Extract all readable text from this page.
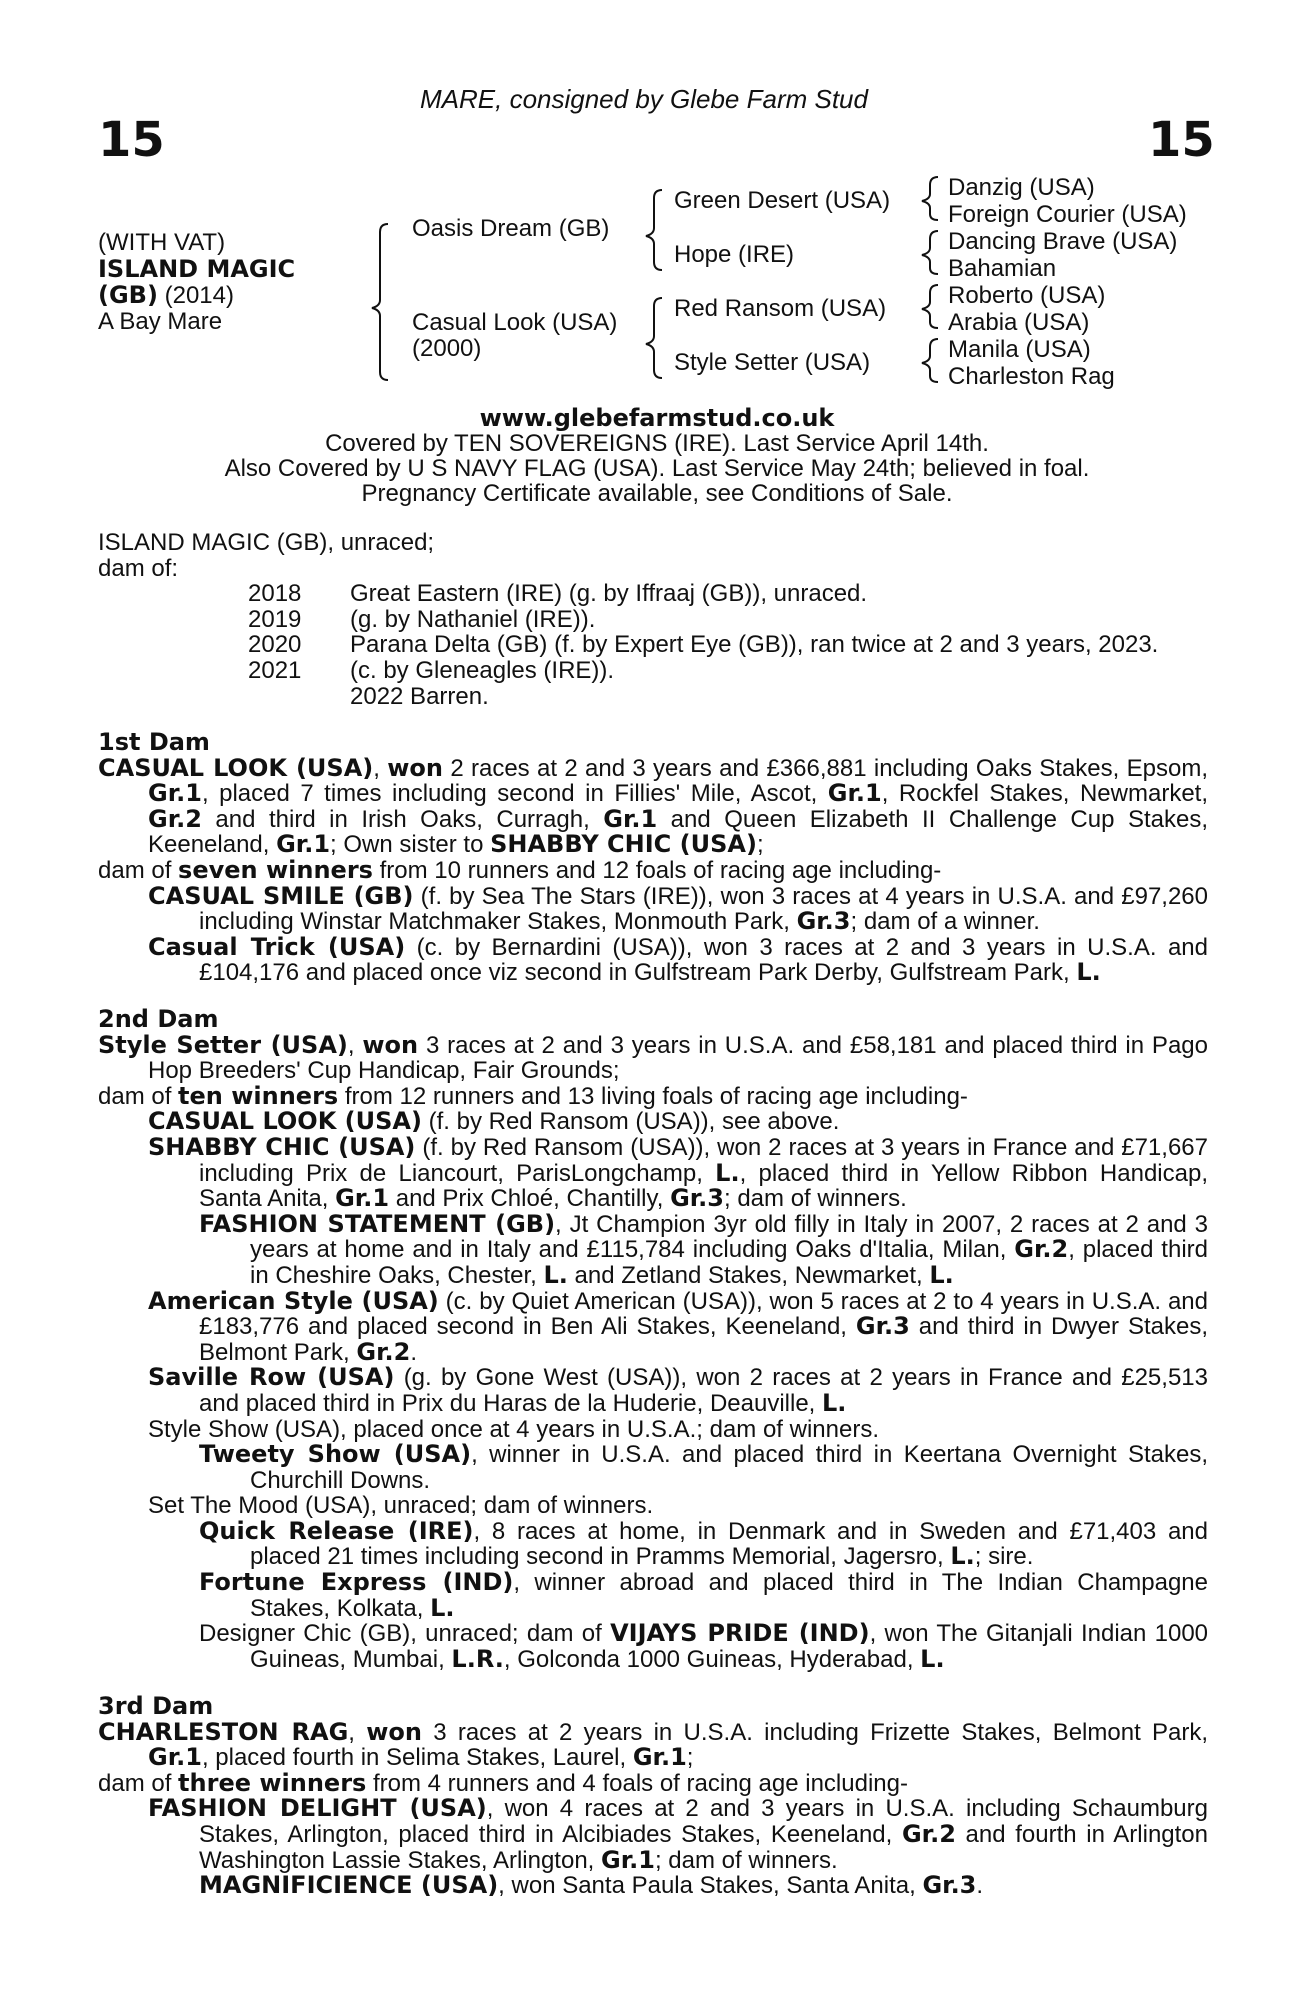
MARE, consigned by Glebe Farm Stud
15	15
(WITH VAT)
ISLAND MAGIC
(GB) (2014)
A Bay Mare
Oasis Dream (GB)
Casual Look (USA)
(2000)
Green Desert (USA)
Hope (IRE)
Red Ransom (USA)
Style Setter (USA)
Danzig (USA)
Foreign Courier (USA)
Dancing Brave (USA)
Bahamian
Roberto (USA)
Arabia (USA)
Manila (USA)
Charleston Rag
www.glebefarmstud.co.uk
Covered by TEN SOVEREIGNS (IRE). Last Service April 14th.
Also Covered by U S NAVY FLAG (USA). Last Service May 24th; believed in foal.
Pregnancy Certificate available, see Conditions of Sale.
ISLAND MAGIC (GB), unraced;
dam of:
2018 Great Eastern (IRE) (g. by Iffraaj (GB)), unraced.
2019 (g. by Nathaniel (IRE)).
2020 Parana Delta (GB) (f. by Expert Eye (GB)), ran twice at 2 and 3 years, 2023.
2021 (c. by Gleneagles (IRE)).
2022 Barren.
1st Dam

CASUAL LOOK (USA), won 2 races at 2 and 3 years and £366,881 including Oaks Stakes, Epsom, Gr.1, placed 7 times including second in Fillies' Mile, Ascot, Gr.1, Rockfel Stakes, Newmarket, Gr.2 and third in Irish Oaks, Curragh, Gr.1 and Queen Elizabeth II Challenge Cup Stakes, Keeneland, Gr.1; Own sister to SHABBY CHIC (USA);

dam of seven winners from 10 runners and 12 foals of racing age including-

CASUAL SMILE (GB) (f. by Sea The Stars (IRE)), won 3 races at 4 years in U.S.A. and £97,260 including Winstar Matchmaker Stakes, Monmouth Park, Gr.3; dam of a winner.

Casual Trick (USA) (c. by Bernardini (USA)), won 3 races at 2 and 3 years in U.S.A. and £104,176 and placed once viz second in Gulfstream Park Derby, Gulfstream Park, L.

2nd Dam

Style Setter (USA), won 3 races at 2 and 3 years in U.S.A. and £58,181 and placed third in Pago Hop Breeders' Cup Handicap, Fair Grounds;

dam of ten winners from 12 runners and 13 living foals of racing age including-

CASUAL LOOK (USA) (f. by Red Ransom (USA)), see above.

SHABBY CHIC (USA) (f. by Red Ransom (USA)), won 2 races at 3 years in France and £71,667 including Prix de Liancourt, ParisLongchamp, L., placed third in Yellow Ribbon Handicap, Santa Anita, Gr.1 and Prix Chloé, Chantilly, Gr.3; dam of winners.

FASHION STATEMENT (GB), Jt Champion 3yr old filly in Italy in 2007, 2 races at 2 and 3 years at home and in Italy and £115,784 including Oaks d'Italia, Milan, Gr.2, placed third in Cheshire Oaks, Chester, L. and Zetland Stakes, Newmarket, L.

American Style (USA) (c. by Quiet American (USA)), won 5 races at 2 to 4 years in U.S.A. and £183,776 and placed second in Ben Ali Stakes, Keeneland, Gr.3 and third in Dwyer Stakes, Belmont Park, Gr.2.

Saville Row (USA) (g. by Gone West (USA)), won 2 races at 2 years in France and £25,513 and placed third in Prix du Haras de la Huderie, Deauville, L.

Style Show (USA), placed once at 4 years in U.S.A.; dam of winners.

Tweety Show (USA), winner in U.S.A. and placed third in Keertana Overnight Stakes, Churchill Downs.

Set The Mood (USA), unraced; dam of winners.

Quick Release (IRE), 8 races at home, in Denmark and in Sweden and £71,403 and placed 21 times including second in Pramms Memorial, Jagersro, L.; sire.

Fortune Express (IND), winner abroad and placed third in The Indian Champagne Stakes, Kolkata, L.

Designer Chic (GB), unraced; dam of VIJAYS PRIDE (IND), won The Gitanjali Indian 1000 Guineas, Mumbai, L.R., Golconda 1000 Guineas, Hyderabad, L.

3rd Dam

CHARLESTON RAG, won 3 races at 2 years in U.S.A. including Frizette Stakes, Belmont Park, Gr.1, placed fourth in Selima Stakes, Laurel, Gr.1;

dam of three winners from 4 runners and 4 foals of racing age including-

FASHION DELIGHT (USA), won 4 races at 2 and 3 years in U.S.A. including Schaumburg Stakes, Arlington, placed third in Alcibiades Stakes, Keeneland, Gr.2 and fourth in Arlington Washington Lassie Stakes, Arlington, Gr.1; dam of winners.

MAGNIFICIENCE (USA), won Santa Paula Stakes, Santa Anita, Gr.3.
